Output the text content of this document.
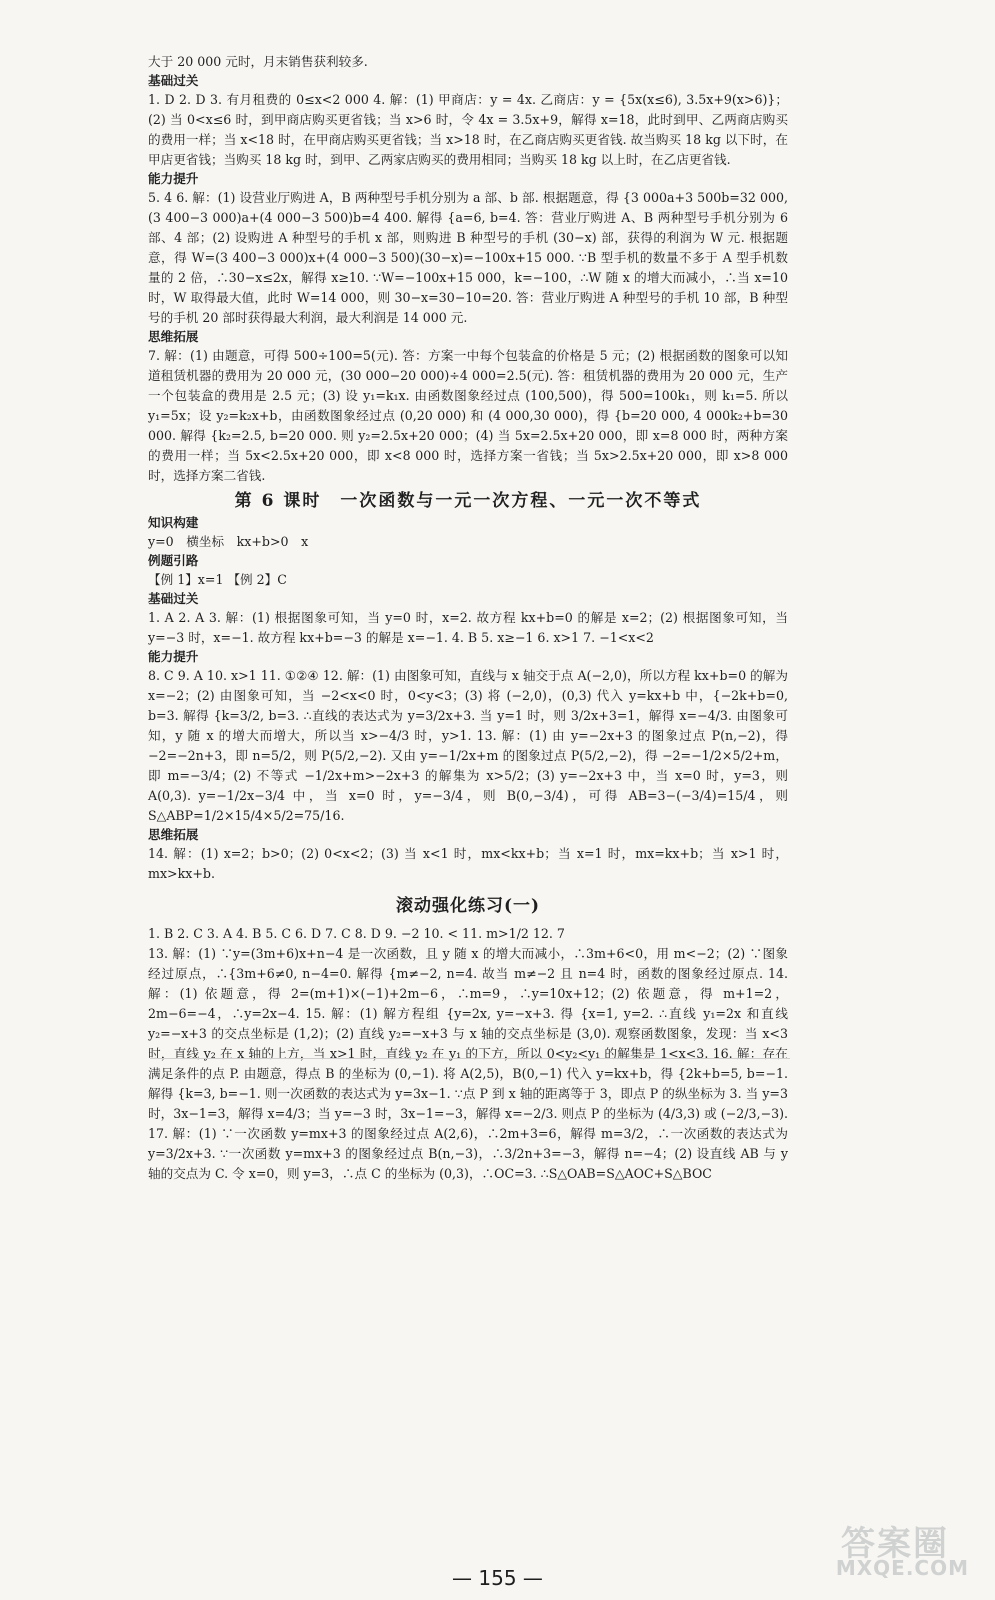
大于 20 000 元时，月末销售获利较多.

基础过关

1. D 2. D 3. 有月租费的 0≤x<2 000 4. 解：(1) 甲商店：y = 4x. 乙商店：y = {5x(x≤6), 3.5x+9(x>6)}；(2) 当 0<x≤6 时，到甲商店购买更省钱；当 x>6 时，令 4x = 3.5x+9，解得 x=18，此时到甲、乙两商店购买的费用一样；当 x<18 时，在甲商店购买更省钱；当 x>18 时，在乙商店购买更省钱. 故当购买 18 kg 以下时，在甲店更省钱；当购买 18 kg 时，到甲、乙两家店购买的费用相同；当购买 18 kg 以上时，在乙店更省钱.

能力提升

5. 4 6. 解：(1) 设营业厅购进 A，B 两种型号手机分别为 a 部、b 部. 根据题意，得 {3 000a+3 500b=32 000, (3 400−3 000)a+(4 000−3 500)b=4 400. 解得 {a=6, b=4. 答：营业厅购进 A、B 两种型号手机分别为 6 部、4 部；(2) 设购进 A 种型号的手机 x 部，则购进 B 种型号的手机 (30−x) 部，获得的利润为 W 元. 根据题意，得 W=(3 400−3 000)x+(4 000−3 500)(30−x)=−100x+15 000. ∵B 型手机的数量不多于 A 型手机数量的 2 倍，∴30−x≤2x，解得 x≥10. ∵W=−100x+15 000，k=−100，∴W 随 x 的增大而减小，∴当 x=10 时，W 取得最大值，此时 W=14 000，则 30−x=30−10=20. 答：营业厅购进 A 种型号的手机 10 部，B 种型号的手机 20 部时获得最大利润，最大利润是 14 000 元.

思维拓展

7. 解：(1) 由题意，可得 500÷100=5(元). 答：方案一中每个包装盒的价格是 5 元；(2) 根据函数的图象可以知道租赁机器的费用为 20 000 元，(30 000−20 000)÷4 000=2.5(元). 答：租赁机器的费用为 20 000 元，生产一个包装盒的费用是 2.5 元；(3) 设 y₁=k₁x. 由函数图象经过点 (100,500)，得 500=100k₁，则 k₁=5. 所以 y₁=5x；设 y₂=k₂x+b，由函数图象经过点 (0,20 000) 和 (4 000,30 000)，得 {b=20 000, 4 000k₂+b=30 000. 解得 {k₂=2.5, b=20 000. 则 y₂=2.5x+20 000；(4) 当 5x=2.5x+20 000，即 x=8 000 时，两种方案的费用一样；当 5x<2.5x+20 000，即 x<8 000 时，选择方案一省钱；当 5x>2.5x+20 000，即 x>8 000 时，选择方案二省钱.

第 6 课时　一次函数与一元一次方程、一元一次不等式
知识构建

y=0　横坐标　kx+b>0　x

例题引路

【例 1】x=1 【例 2】C

基础过关

1. A 2. A 3. 解：(1) 根据图象可知，当 y=0 时，x=2. 故方程 kx+b=0 的解是 x=2；(2) 根据图象可知，当 y=−3 时，x=−1. 故方程 kx+b=−3 的解是 x=−1. 4. B 5. x≥−1 6. x>1 7. −1<x<2

能力提升

8. C 9. A 10. x>1 11. ①②④ 12. 解：(1) 由图象可知，直线与 x 轴交于点 A(−2,0)，所以方程 kx+b=0 的解为 x=−2；(2) 由图象可知，当 −2<x<0 时，0<y<3；(3) 将 (−2,0)，(0,3) 代入 y=kx+b 中，{−2k+b=0, b=3. 解得 {k=3/2, b=3. ∴直线的表达式为 y=3/2x+3. 当 y=1 时，则 3/2x+3=1，解得 x=−4/3. 由图象可知，y 随 x 的增大而增大，所以当 x>−4/3 时，y>1. 13. 解：(1) 由 y=−2x+3 的图象过点 P(n,−2)，得 −2=−2n+3，即 n=5/2，则 P(5/2,−2). 又由 y=−1/2x+m 的图象过点 P(5/2,−2)，得 −2=−1/2×5/2+m，即 m=−3/4；(2) 不等式 −1/2x+m>−2x+3 的解集为 x>5/2；(3) y=−2x+3 中，当 x=0 时，y=3，则 A(0,3). y=−1/2x−3/4 中，当 x=0 时，y=−3/4，则 B(0,−3/4)，可得 AB=3−(−3/4)=15/4，则 S△ABP=1/2×15/4×5/2=75/16.

思维拓展

14. 解：(1) x=2；b>0；(2) 0<x<2；(3) 当 x<1 时，mx<kx+b；当 x=1 时，mx=kx+b；当 x>1 时，mx>kx+b.

滚动强化练习(一)

1. B 2. C 3. A 4. B 5. C 6. D 7. C 8. D 9. −2 10. < 11. m>1/2 12. 7

13. 解：(1) ∵y=(3m+6)x+n−4 是一次函数，且 y 随 x 的增大而减小，∴3m+6<0，用 m<−2；(2) ∵图象经过原点，∴{3m+6≠0, n−4=0. 解得 {m≠−2, n=4. 故当 m≠−2 且 n=4 时，函数的图象经过原点. 14. 解：(1) 依题意，得 2=(m+1)×(−1)+2m−6，∴m=9，∴y=10x+12；(2) 依题意，得 m+1=2，2m−6=−4，∴y=2x−4. 15. 解：(1) 解方程组 {y=2x, y=−x+3. 得 {x=1, y=2. ∴直线 y₁=2x 和直线 y₂=−x+3 的交点坐标是 (1,2)；(2) 直线 y₂=−x+3 与 x 轴的交点坐标是 (3,0). 观察函数图象，发现：当 x<3 时，直线 y₂ 在 x 轴的上方，当 x>1 时，直线 y₂ 在 y₁ 的下方，所以 0<y₂<y₁ 的解集是 1<x<3. 16. 解：存在满足条件的点 P. 由题意，得点 B 的坐标为 (0,−1). 将 A(2,5)，B(0,−1) 代入 y=kx+b，得 {2k+b=5, b=−1. 解得 {k=3, b=−1. 则一次函数的表达式为 y=3x−1. ∵点 P 到 x 轴的距离等于 3，即点 P 的纵坐标为 3. 当 y=3 时，3x−1=3，解得 x=4/3；当 y=−3 时，3x−1=−3，解得 x=−2/3. 则点 P 的坐标为 (4/3,3) 或 (−2/3,−3). 17. 解：(1) ∵一次函数 y=mx+3 的图象经过点 A(2,6)，∴2m+3=6，解得 m=3/2，∴一次函数的表达式为 y=3/2x+3. ∵一次函数 y=mx+3 的图象经过点 B(n,−3)，∴3/2n+3=−3，解得 n=−4；(2) 设直线 AB 与 y 轴的交点为 C. 令 x=0，则 y=3，∴点 C 的坐标为 (0,3)，∴OC=3. ∴S△OAB=S△AOC+S△BOC

— 155 —
答案圈
MXQE.COM
